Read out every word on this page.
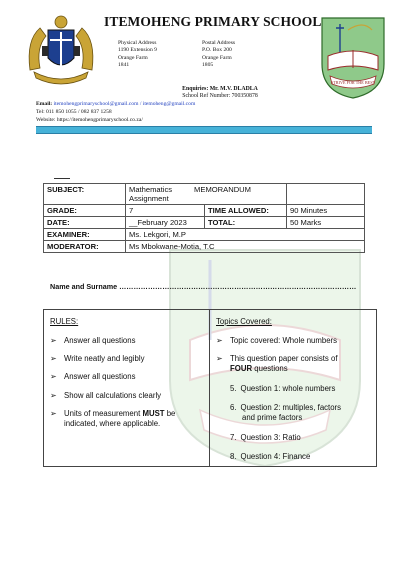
STRIVE FOR THE BEST
ITEMOHENG PRIMARY SCHOOL
Physical Address
1190 Extension 9
Orange Farm
1841
Postal Address
P.O. Box 200
Orange Farm
1805
Enquiries: Mr. M.V. DLADLA
School Ref Number: 700350878
Email: itemohengprimaryschool@gmail.com / itemoheng@gmail.com
Tel: 011 850 1055 / 082 837 1258
Website: https://itemohengprimaryschool.co.za/
SUBJECT:	Mathematics MEMORANDUM
Assignment		

GRADE:	7	TIME ALLOWED:	90 Minutes
DATE:	__February 2023	TOTAL:	50 Marks
EXAMINER:	Ms. Lekgori, M.P		
MODERATOR:	Ms Mbokwane-Motia, T.C		
Name and Surname ………………………………………………………………………………………
RULES:	Topics Covered:
➢ Answer all questions
➢ Write neatly and legibly
➢ Answer all questions
➢ Show all calculations clearly
➢ Units of measurement MUST be
indicated, where applicable.
➢ Topic covered: Whole numbers
➢ This question paper consists of
FOUR questions
5. Question 1: whole numbers
6. Question 2: multiples, factors
and prime factors
7. Question 3: Ratio
8. Question 4: Finance
